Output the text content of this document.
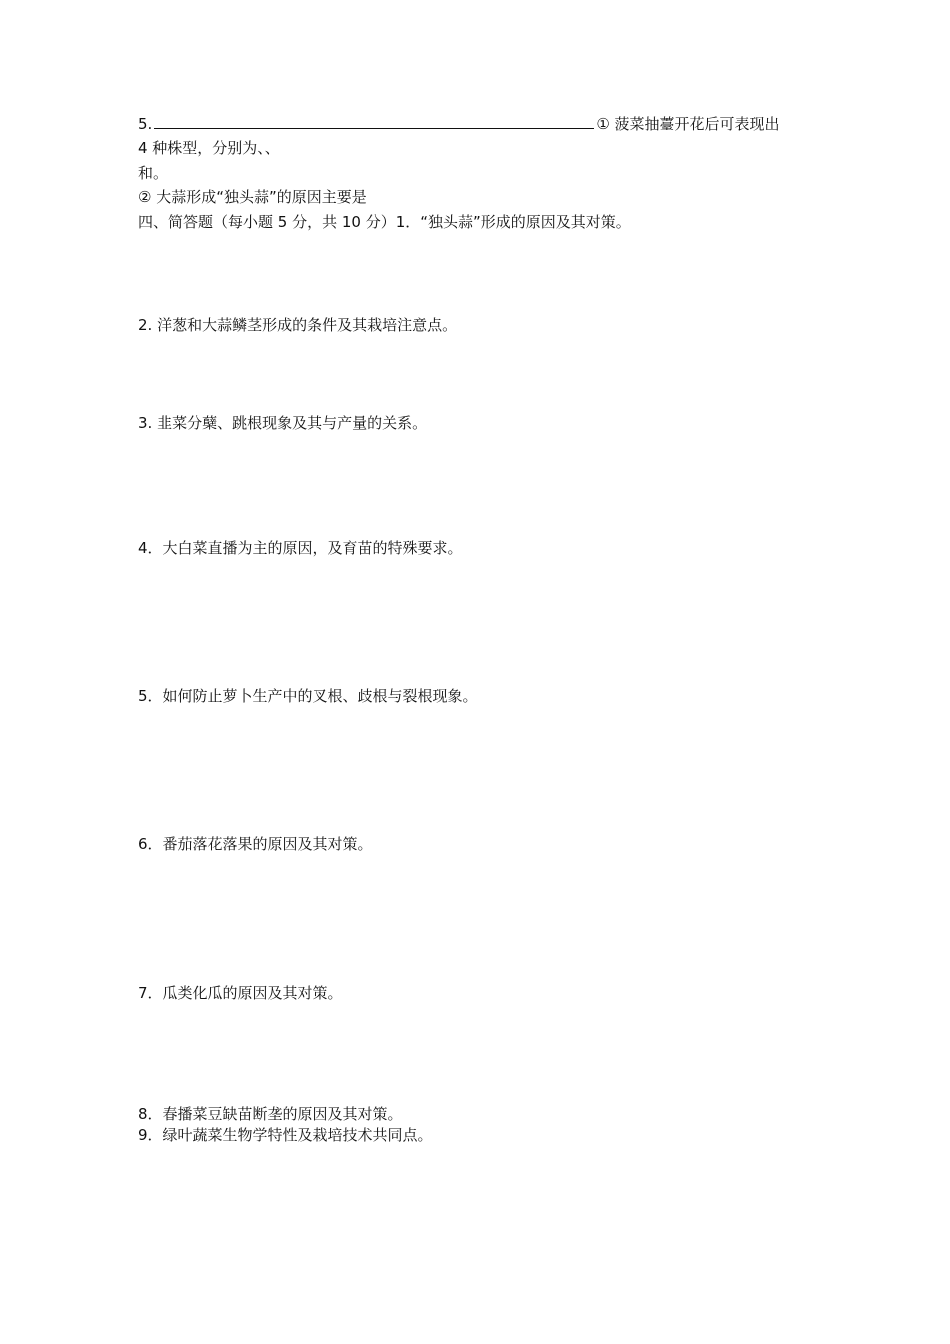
5.	① 菠菜抽薹开花后可表现出
4 种株型，分别为、、
和。
② 大蒜形成“独头蒜”的原因主要是
四、简答题（每小题 5 分，共 10 分）1．“独头蒜”形成的原因及其对策。
2. 洋葱和大蒜鳞茎形成的条件及其栽培注意点。
3. 韭菜分蘖、跳根现象及其与产量的关系。
4．大白菜直播为主的原因，及育苗的特殊要求。
5．如何防止萝卜生产中的叉根、歧根与裂根现象。
6．番茄落花落果的原因及其对策。
7．瓜类化瓜的原因及其对策。
8．春播菜豆缺苗断垄的原因及其对策。
9．绿叶蔬菜生物学特性及栽培技术共同点。
